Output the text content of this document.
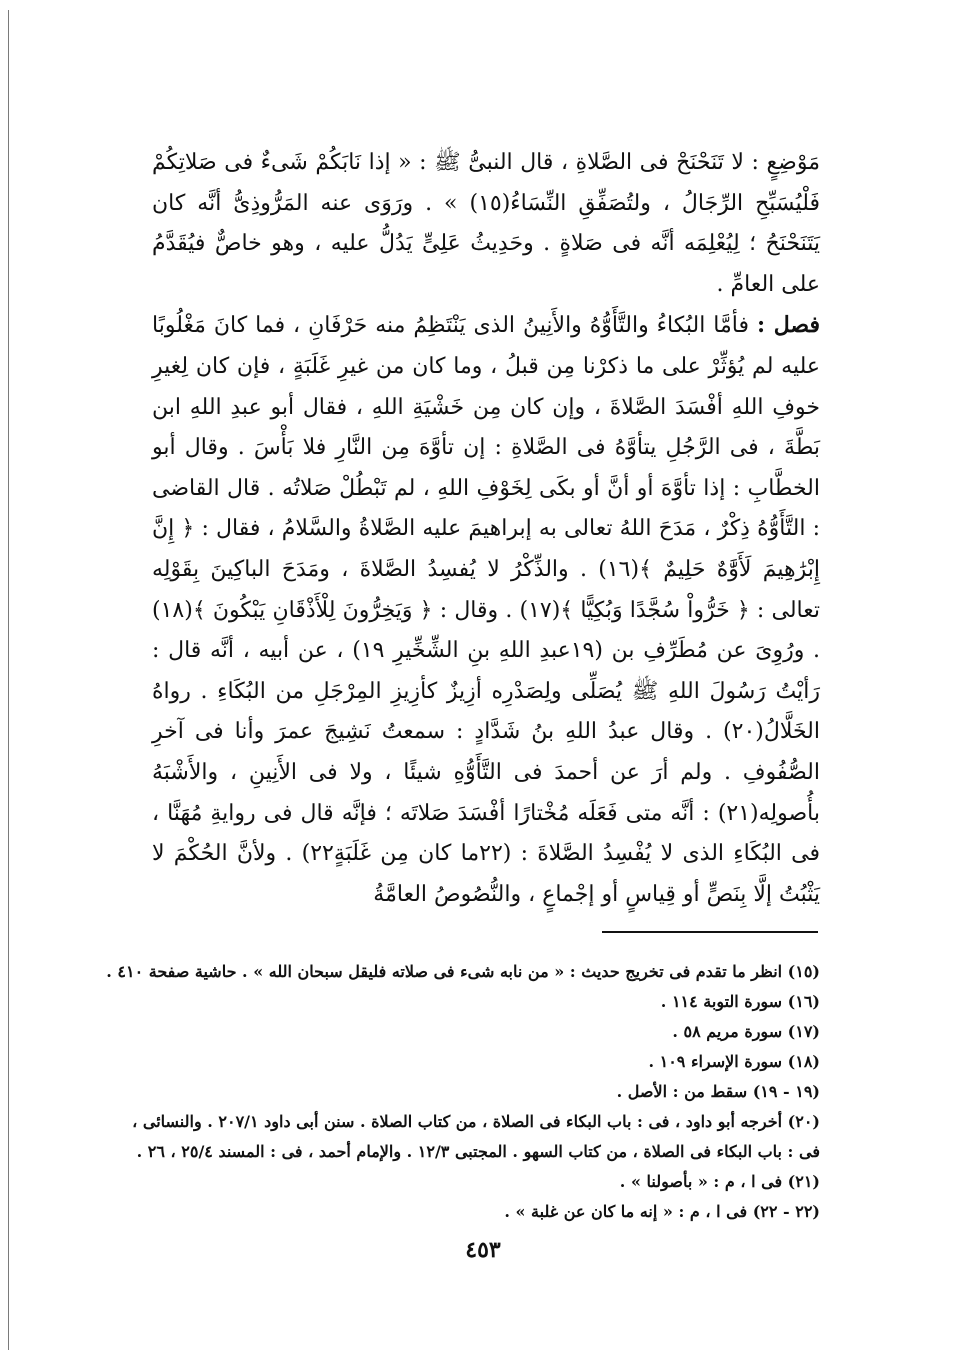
مَوْضِعٍ : لا تَنَحْنَحْ فى الصَّلاةِ ، قال النبىُّ ﷺ : « إذا نَابَكُمْ شَىءٌ فى صَلاتِكُمْ فَلْيُسَبِّحِ الرِّجَالُ ، ولتُصَفِّقِ النِّسَاءُ(١٥) » . ورَوَى عنه المَرُّوذِىُّ أنَّه كان يَتَنَحْنَحُ ؛ لِيُعْلِمَه أنَّه فى صَلاةٍ . وحَدِيثُ عَلِىٍّ يَدُلُّ عليه ، وهو خاصٌّ فيُقَدَّمُ على العامِّ .

فصل : فأمَّا البُكاءُ والتَّأَوُّهُ والأَنِينُ الذى يَنْتَظِمُ منه حَرْفَانِ ، فما كانَ مَغْلُوبًا عليه لم يُؤثِّرْ على ما ذكرْنا مِن قبلُ ، وما كان من غيرِ غَلَبَةٍ ، فإن كان لِغيرِ خوفِ اللهِ أفْسَدَ الصَّلاةَ ، وإن كان مِن خَشْيَةِ اللهِ ، فقال أبو عبدِ اللهِ ابن بَطَّةَ ، فى الرَّجُلِ يتأوَّهُ فى الصَّلاةِ : إن تأوَّهَ مِن النَّارِ فلا بَأْسَ . وقال أبو الخطَّابِ : إذا تأوَّهَ أو أنَّ أو بكَى لِخَوْفِ اللهِ ، لم تَبْطُلْ صَلاتُه . قال القاضى : التَّأَوُّهُ ذِكْرٌ ، مَدَحَ اللهُ تعالى به إبراهيمَ عليه الصَّلاةُ والسَّلامُ ، فقال : ﴿ إِنَّ إِبْرَٰهِيمَ لَأَوَّٰهٌ حَلِيمٌ ﴾(١٦) . والذِّكْرُ لا يُفسِدُ الصَّلاةَ ، ومَدَحَ الباكِينَ بِقَوْلِه تعالى : ﴿ خَرُّواْ سُجَّدًا وَبُكِيًّا ﴾(١٧) . وقال : ﴿ وَيَخِرُّونَ لِلْأَذْقَانِ يَبْكُونَ ﴾(١٨) . ورُوِىَ عن مُطَرِّفِ بن (١٩عبدِ اللهِ بنِ الشِّخِّيرِ ١٩) ، عن أبيه ، أنَّه قال : رَأيْتُ رَسُولَ اللهِ ﷺ يُصَلِّى ولِصَدْرِه أزِيزٌ كأزِيزِ المِرْجَلِ من البُكَاءِ . رواهُ الخَلَّالُ(٢٠) . وقال عبدُ اللهِ بنُ شَدَّادٍ : سمعتُ نَشِيجَ عمرَ وأنا فى آخرِ الصُّفُوفِ . ولم أرَ عن أحمدَ فى التَّأَوُّهِ شيئًا ، ولا فى الأَنِينِ ، والأَشْبَهُ بأُصولِه(٢١) : أنَّه متى فَعَلَه مُخْتارًا أفْسَدَ صَلاتَه ؛ فإنَّه قال فى روايةِ مُهَنَّا ، فى البُكَاءِ الذى لا يُفْسِدُ الصَّلاةَ : (٢٢ما كان مِن غَلَبَةٍ٢٢) . ولأنَّ الحُكْمَ لا يَثْبُتُ إلَّا بِنَصٍّ أو قِياسٍ أو إجْماعٍ ، والنُّصُوصُ العامَّةُ

(١٥) انظر ما تقدم فى تخريج حديث : « من نابه شىء فى صلاته فليقل سبحان الله » . حاشية صفحة ٤١٠ .
(١٦) سورة التوبة ١١٤ .
(١٧) سورة مريم ٥٨ .
(١٨) سورة الإسراء ١٠٩ .
(١٩ - ١٩) سقط من : الأصل .
(٢٠) أخرجه أبو داود ، فى : باب البكاء فى الصلاة ، من كتاب الصلاة . سنن أبى داود ٢٠٧/١ . والنسائى ،
فى : باب البكاء فى الصلاة ، من كتاب السهو . المجتبى ١٢/٣ . والإمام أحمد ، فى : المسند ٢٥/٤ ، ٢٦ .
(٢١) فى ا ، م : « بأصولنا » .
(٢٢ - ٢٢) فى ا ، م : « إنه ما كان عن غلبة » .
٤٥٣
